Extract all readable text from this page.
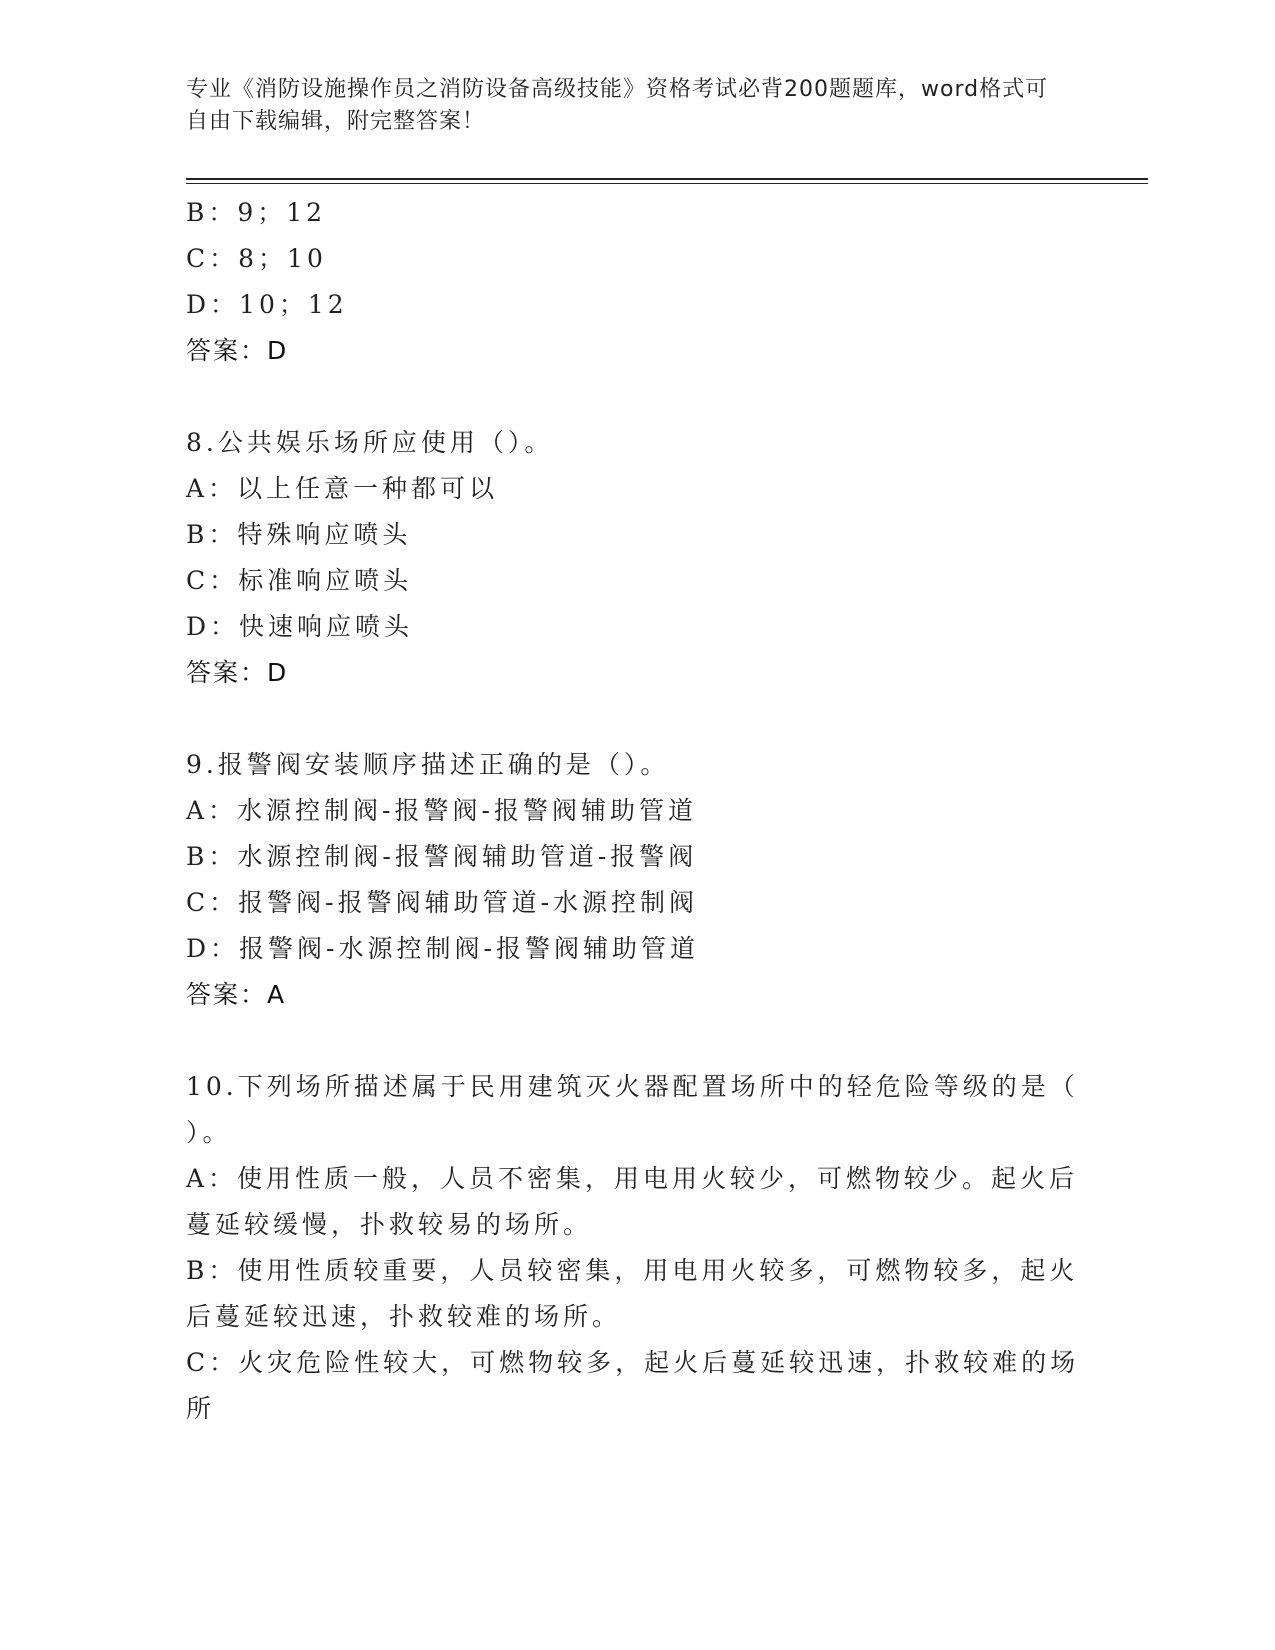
专业《消防设施操作员之消防设备高级技能》资格考试必背200题题库，word格式可自由下载编辑，附完整答案！
B：9；12
C：8；10
D：10；12
答案：D
8.公共娱乐场所应使用（）。
A：以上任意一种都可以
B：特殊响应喷头
C：标准响应喷头
D：快速响应喷头
答案：D
9.报警阀安装顺序描述正确的是（）。
A：水源控制阀-报警阀-报警阀辅助管道
B：水源控制阀-报警阀辅助管道-报警阀
C：报警阀-报警阀辅助管道-水源控制阀
D：报警阀-水源控制阀-报警阀辅助管道
答案：A
10.下列场所描述属于民用建筑灭火器配置场所中的轻危险等级的是（
）。
A：使用性质一般，人员不密集，用电用火较少，可燃物较少。起火后
蔓延较缓慢，扑救较易的场所。
B：使用性质较重要，人员较密集，用电用火较多，可燃物较多，起火
后蔓延较迅速，扑救较难的场所。
C：火灾危险性较大，可燃物较多，起火后蔓延较迅速，扑救较难的场
所
